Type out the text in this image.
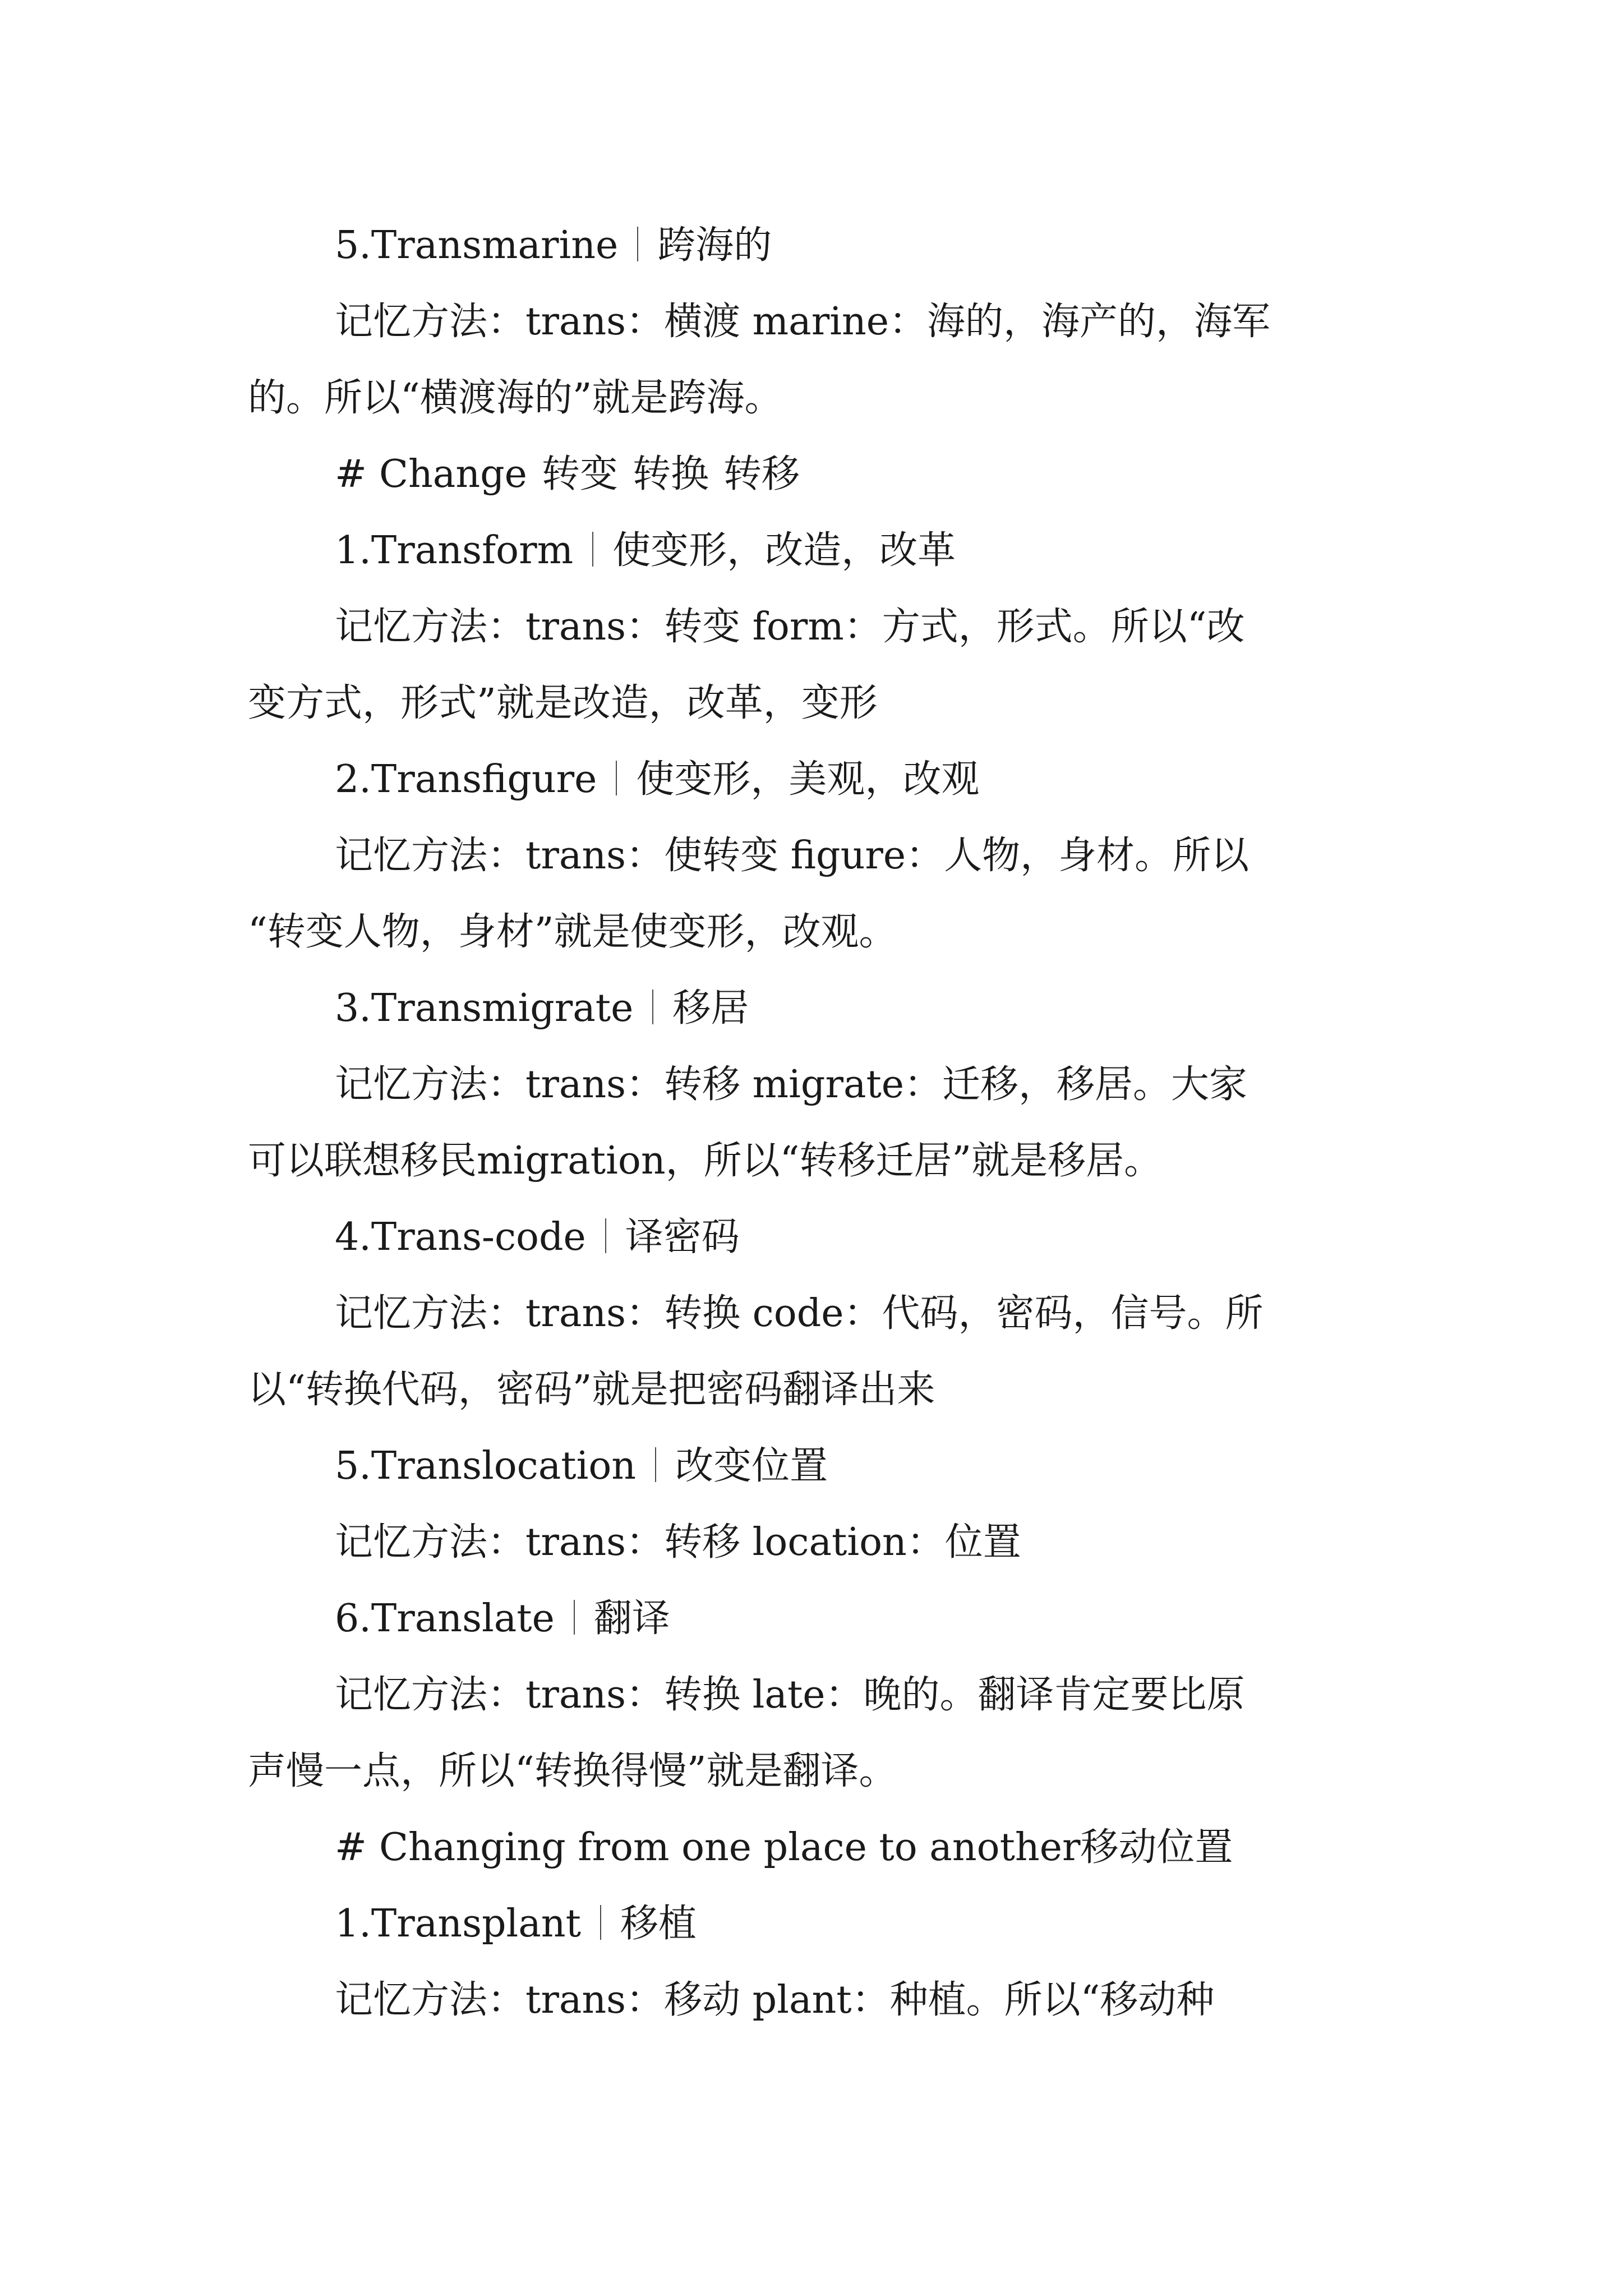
5.Transmarine 跨海的

记忆方法：trans：横渡 marine：海的，海产的，海军

的。所以“横渡海的”就是跨海。

# Change 转变 转换 转移

1.Transform 使变形，改造，改革

记忆方法：trans：转变 form：方式，形式。所以“改

变方式，形式”就是改造，改革，变形

2.Transfigure 使变形，美观，改观

记忆方法：trans：使转变 figure：人物，身材。所以

“转变人物，身材”就是使变形，改观。

3.Transmigrate 移居

记忆方法：trans：转移 migrate：迁移，移居。大家

可以联想移民migration，所以“转移迁居”就是移居。

4.Trans-code 译密码

记忆方法：trans：转换 code：代码，密码，信号。所

以“转换代码，密码”就是把密码翻译出来

5.Translocation 改变位置

记忆方法：trans：转移 location：位置

6.Translate 翻译

记忆方法：trans：转换 late：晚的。翻译肯定要比原

声慢一点，所以“转换得慢”就是翻译。

# Changing from one place to another移动位置

1.Transplant 移植

记忆方法：trans：移动 plant：种植。所以“移动种
